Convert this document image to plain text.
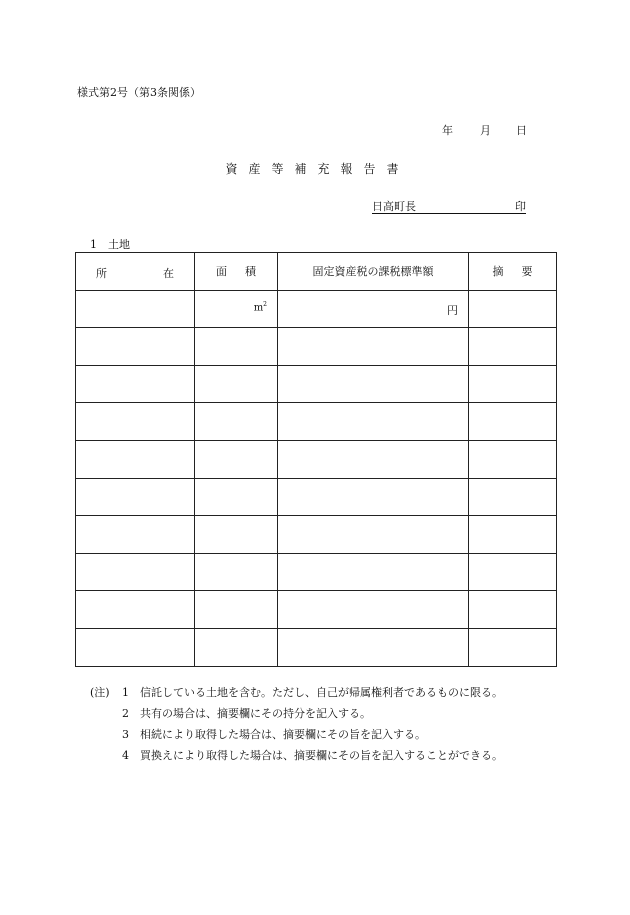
様式第2号（第3条関係）
年	月	日
資産等補充報告書
日高町長	印
1　土地
所 在	面積	固定資産税の課税標準額	摘要

	$m^2$	円	

(注)	1	信託している土地を含む。ただし、自己が帰属権利者であるものに限る。
2	共有の場合は、摘要欄にその持分を記入する。
3	相続により取得した場合は、摘要欄にその旨を記入する。
4	買換えにより取得した場合は、摘要欄にその旨を記入することができる。
